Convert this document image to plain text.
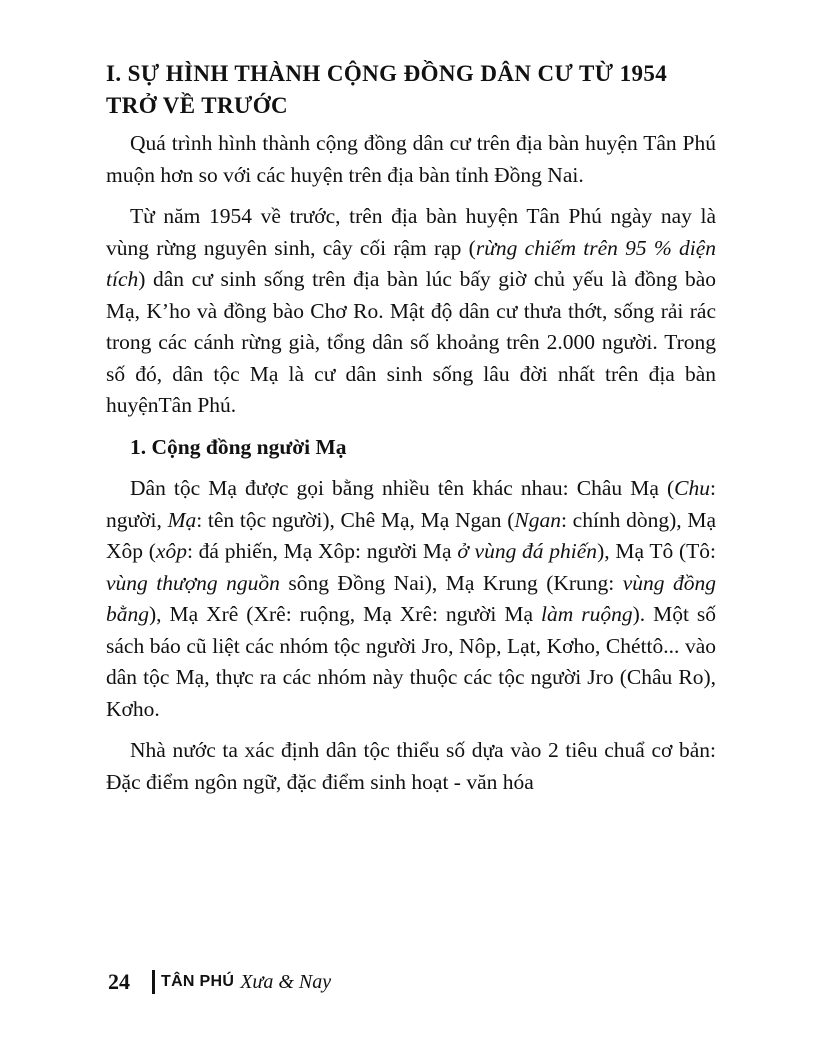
I. SỰ HÌNH THÀNH CỘNG ĐỒNG DÂN CƯ TỪ 1954 TRỞ VỀ TRƯỚC

Quá trình hình thành cộng đồng dân cư trên địa bàn huyện Tân Phú muộn hơn so với các huyện trên địa bàn tỉnh Đồng Nai.

Từ năm 1954 về trước, trên địa bàn huyện Tân Phú ngày nay là vùng rừng nguyên sinh, cây cối rậm rạp (rừng chiếm trên 95 % diện tích) dân cư sinh sống trên địa bàn lúc bấy giờ chủ yếu là đồng bào Mạ, K’ho và đồng bào Chơ Ro. Mật độ dân cư thưa thớt, sống rải rác trong các cánh rừng già, tổng dân số khoảng trên 2.000 người. Trong số đó, dân tộc Mạ là cư dân sinh sống lâu đời nhất trên địa bàn huyệnTân Phú.

1. Cộng đồng người Mạ

Dân tộc Mạ được gọi bằng nhiều tên khác nhau: Châu Mạ (Chu: người, Mạ: tên tộc người), Chê Mạ, Mạ Ngan (Ngan: chính dòng), Mạ Xôp (xôp: đá phiến, Mạ Xôp: người Mạ ở vùng đá phiến), Mạ Tô (Tô: vùng thượng nguồn sông Đồng Nai), Mạ Krung (Krung: vùng đồng bằng), Mạ Xrê (Xrê: ruộng, Mạ Xrê: người Mạ làm ruộng). Một số sách báo cũ liệt các nhóm tộc người Jro, Nôp, Lạt, Kơho, Chéttô... vào dân tộc Mạ, thực ra các nhóm này thuộc các tộc người Jro (Châu Ro), Kơho.

Nhà nước ta xác định dân tộc thiểu số dựa vào 2 tiêu chuẩ cơ bản: Đặc điểm ngôn ngữ, đặc điểm sinh hoạt - văn hóa

24 TÂN PHÚ Xưa & Nay
